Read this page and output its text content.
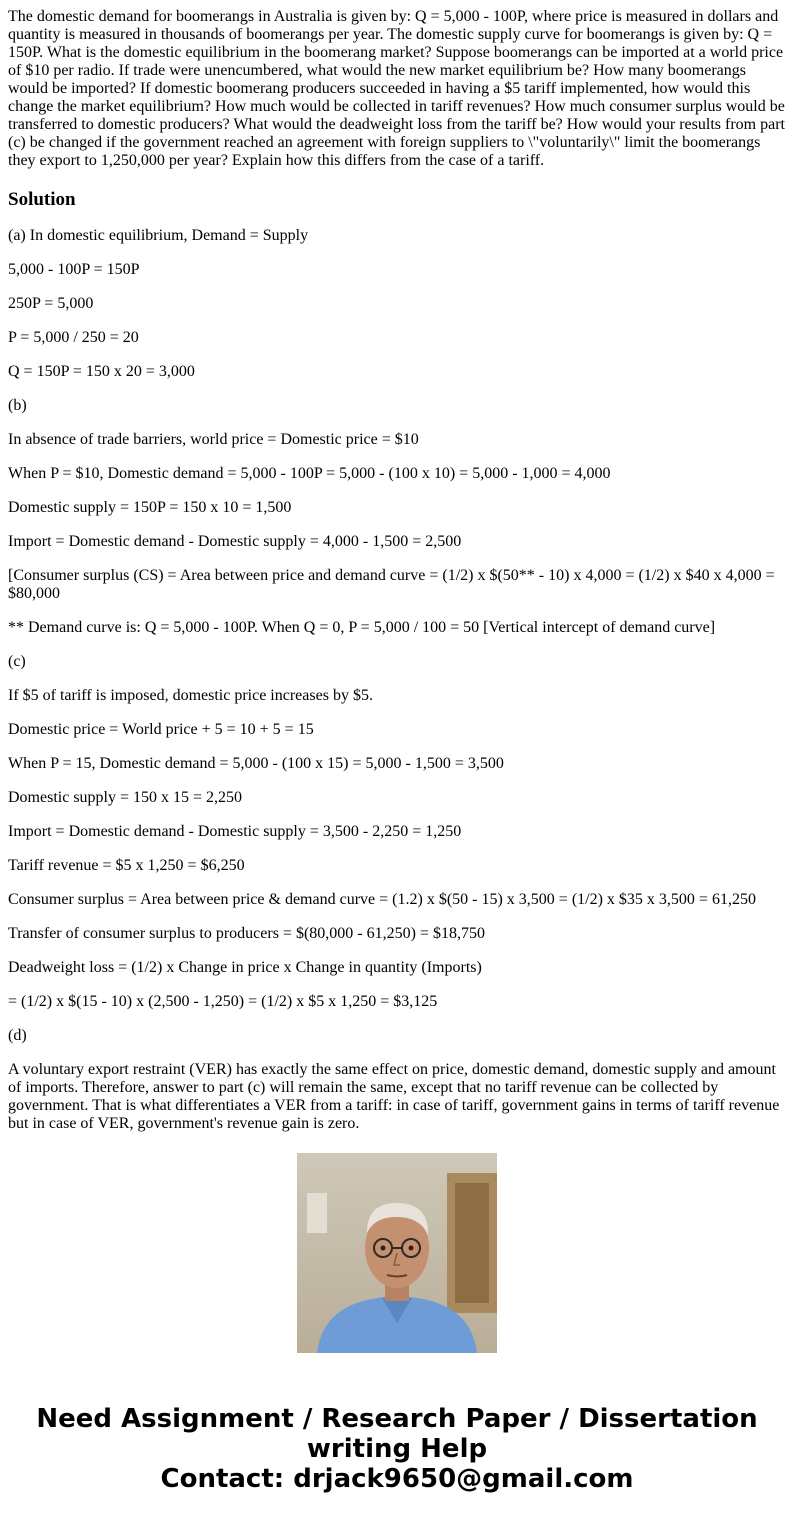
The domestic demand for boomerangs in Australia is given by: Q = 5,000 - 100P, where price is measured in dollars and quantity is measured in thousands of boomerangs per year. The domestic supply curve for boomerangs is given by: Q = 150P. What is the domestic equilibrium in the boomerang market? Suppose boomerangs can be imported at a world price of $10 per radio. If trade were unencumbered, what would the new market equilibrium be? How many boomerangs would be imported? If domestic boomerang producers succeeded in having a $5 tariff implemented, how would this change the market equilibrium? How much would be collected in tariff revenues? How much consumer surplus would be transferred to domestic producers? What would the deadweight loss from the tariff be? How would your results from part (c) be changed if the government reached an agreement with foreign suppliers to \"voluntarily\" limit the boomerangs they export to 1,250,000 per year? Explain how this differs from the case of a tariff.
Solution

(a) In domestic equilibrium, Demand = Supply

5,000 - 100P = 150P

250P = 5,000

P = 5,000 / 250 = 20

Q = 150P = 150 x 20 = 3,000

(b)

In absence of trade barriers, world price = Domestic price = $10

When P = $10, Domestic demand = 5,000 - 100P = 5,000 - (100 x 10) = 5,000 - 1,000 = 4,000

Domestic supply = 150P = 150 x 10 = 1,500

Import = Domestic demand - Domestic supply = 4,000 - 1,500 = 2,500

[Consumer surplus (CS) = Area between price and demand curve = (1/2) x $(50** - 10) x 4,000 = (1/2) x $40 x 4,000 = $80,000

** Demand curve is: Q = 5,000 - 100P. When Q = 0, P = 5,000 / 100 = 50 [Vertical intercept of demand curve]

(c)

If $5 of tariff is imposed, domestic price increases by $5.

Domestic price = World price + 5 = 10 + 5 = 15

When P = 15, Domestic demand = 5,000 - (100 x 15) = 5,000 - 1,500 = 3,500

Domestic supply = 150 x 15 = 2,250

Import = Domestic demand - Domestic supply = 3,500 - 2,250 = 1,250

Tariff revenue = $5 x 1,250 = $6,250

Consumer surplus = Area between price & demand curve = (1.2) x $(50 - 15) x 3,500 = (1/2) x $35 x 3,500 = 61,250

Transfer of consumer surplus to producers = $(80,000 - 61,250) = $18,750

Deadweight loss = (1/2) x Change in price x Change in quantity (Imports)

= (1/2) x $(15 - 10) x (2,500 - 1,250) = (1/2) x $5 x 1,250 = $3,125

(d)

A voluntary export restraint (VER) has exactly the same effect on price, domestic demand, domestic supply and amount of imports. Therefore, answer to part (c) will remain the same, except that no tariff revenue can be collected by government. That is what differentiates a VER from a tariff: in case of tariff, government gains in terms of tariff revenue but in case of VER, government's revenue gain is zero.

Need Assignment / Research Paper / Dissertation
writing Help
Contact: drjack9650@gmail.com
